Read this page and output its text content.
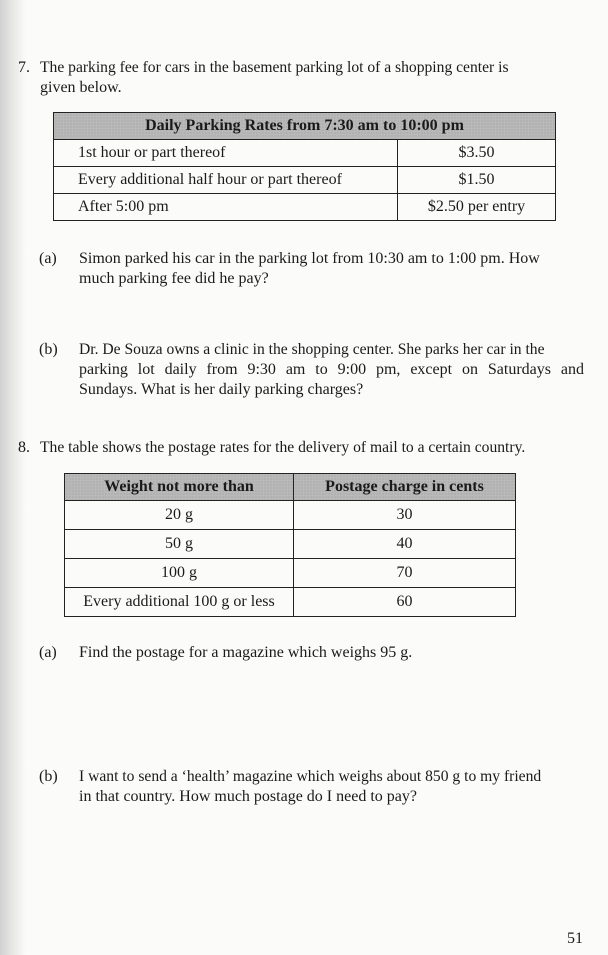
7. The parking fee for cars in the basement parking lot of a shopping center is
given below.
Daily Parking Rates from 7:30 am to 10:00 pm	
1st hour or part thereof	$3.50
Every additional half hour or part thereof	$1.50
After 5:00 pm	$2.50 per entry
(a) Simon parked his car in the parking lot from 10:30 am to 1:00 pm. How
much parking fee did he pay?
(b) Dr. De Souza owns a clinic in the shopping center. She parks her car in the
parking lot daily from 9:30 am to 9:00 pm, except on Saturdays and
Sundays. What is her daily parking charges?
8. The table shows the postage rates for the delivery of mail to a certain country.
Weight not more than	Postage charge in cents
20 g	30
50 g	40
100 g	70
Every additional 100 g or less	60
(a) Find the postage for a magazine which weighs 95 g.
(b) I want to send a ‘health’ magazine which weighs about 850 g to my friend
in that country. How much postage do I need to pay?
51
